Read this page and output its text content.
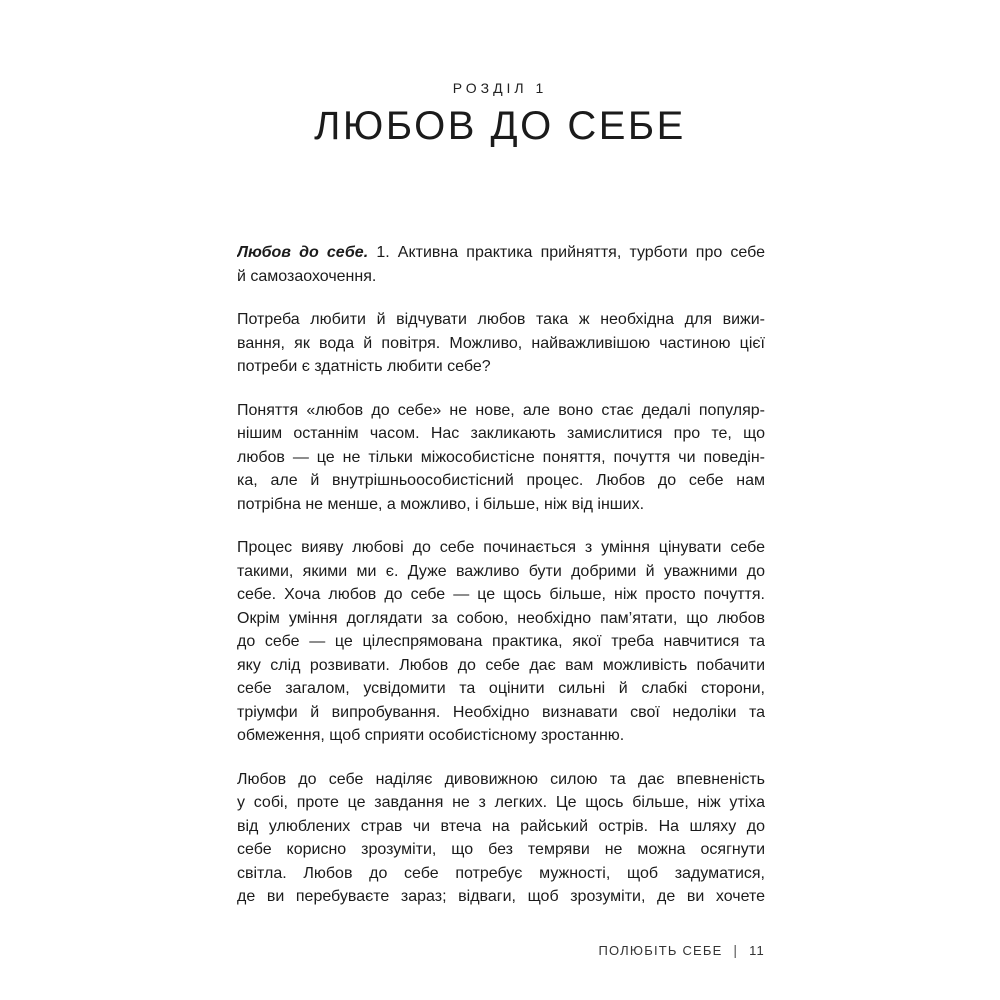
РОЗДІЛ 1
ЛЮБОВ ДО СЕБЕ
Любов до себе. 1. Активна практика прийняття, турботи про себе
й самозаохочення.
Потреба любити й відчувати любов така ж необхідна для вижи-
вання, як вода й повітря. Можливо, найважливішою частиною цієї
потреби є здатність любити себе?
Поняття «любов до себе» не нове, але воно стає дедалі популяр-
нішим останнім часом. Нас закликають замислитися про те, що
любов — це не тільки міжособистісне поняття, почуття чи поведін-
ка, але й внутрішньоособистісний процес. Любов до себе нам
потрібна не менше, а можливо, і більше, ніж від інших.
Процес вияву любові до себе починається з уміння цінувати себе
такими, якими ми є. Дуже важливо бути добрими й уважними до
себе. Хоча любов до себе — це щось більше, ніж просто почуття.
Окрім уміння доглядати за собою, необхідно пам’ятати, що любов
до себе — це цілеспрямована практика, якої треба навчитися та
яку слід розвивати. Любов до себе дає вам можливість побачити
себе загалом, усвідомити та оцінити сильні й слабкі сторони,
тріумфи й випробування. Необхідно визнавати свої недоліки та
обмеження, щоб сприяти особистісному зростанню.
Любов до себе наділяє дивовижною силою та дає впевненість
у собі, проте це завдання не з легких. Це щось більше, ніж утіха
від улюблених страв чи втеча на райський острів. На шляху до
себе корисно зрозуміти, що без темряви не можна осягнути
світла. Любов до себе потребує мужності, щоб задуматися,
де ви перебуваєте зараз; відваги, щоб зрозуміти, де ви хочете
ПОЛЮБІТЬ СЕБЕ | 11
